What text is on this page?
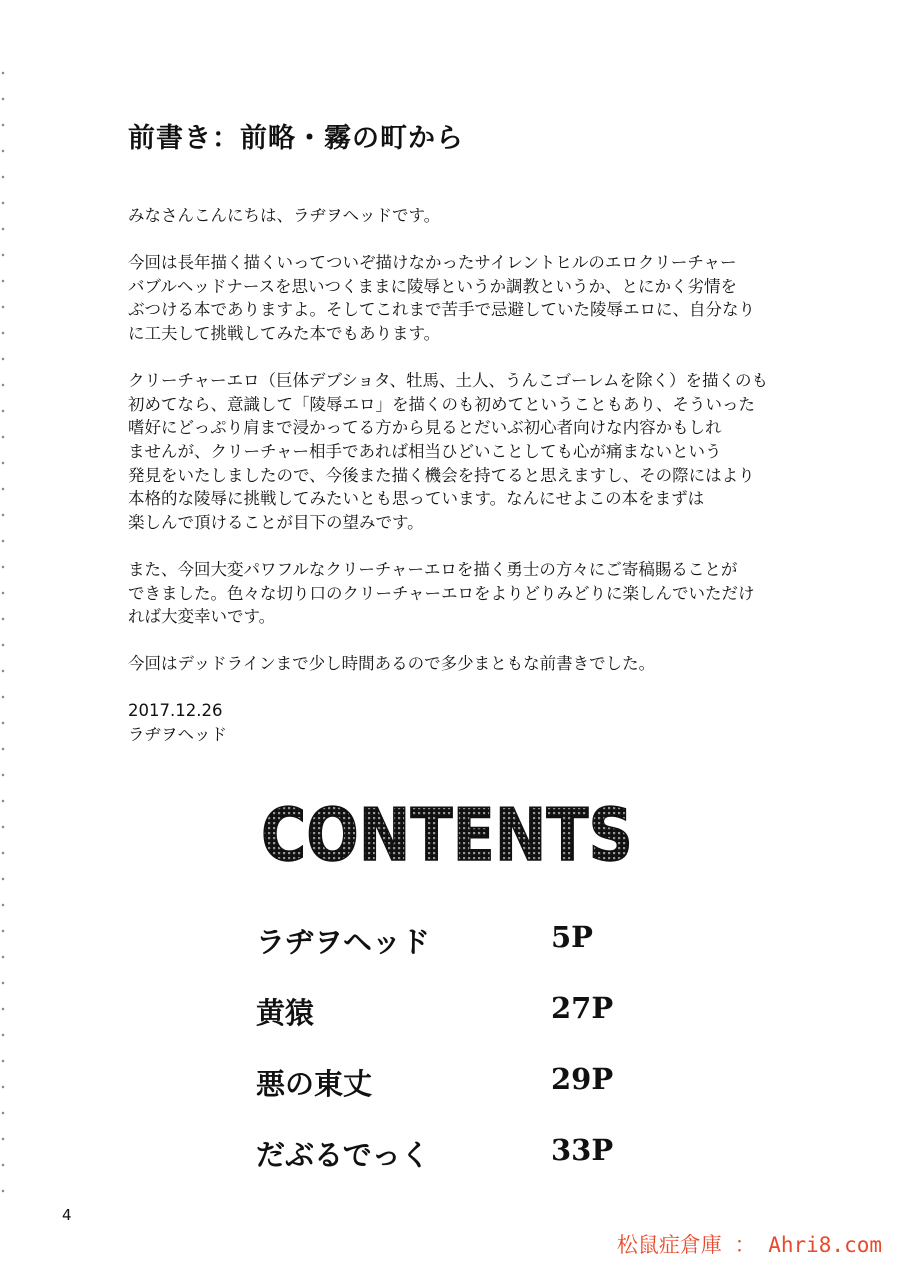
前書き：前略・霧の町から

みなさんこんにちは、ラヂヲヘッドです。

今回は長年描く描くいってついぞ描けなかったサイレントヒルのエロクリーチャー
バブルヘッドナースを思いつくままに陵辱というか調教というか、とにかく劣情を
ぶつける本でありますよ。そしてこれまで苦手で忌避していた陵辱エロに、自分なり
に工夫して挑戦してみた本でもあります。

クリーチャーエロ（巨体デブショタ、牡馬、土人、うんこゴーレムを除く）を描くのも
初めてなら、意識して「陵辱エロ」を描くのも初めてということもあり、そういった
嗜好にどっぷり肩まで浸かってる方から見るとだいぶ初心者向けな内容かもしれ
ませんが、クリーチャー相手であれば相当ひどいことしても心が痛まないという
発見をいたしましたので、今後また描く機会を持てると思えますし、その際にはより
本格的な陵辱に挑戦してみたいとも思っています。なんにせよこの本をまずは
楽しんで頂けることが目下の望みです。

また、今回大変パワフルなクリーチャーエロを描く勇士の方々にご寄稿賜ることが
できました。色々な切り口のクリーチャーエロをよりどりみどりに楽しんでいただけ
れば大変幸いです。

今回はデッドラインまで少し時間あるので多少まともな前書きでした。

2017.12.26
ラヂヲヘッド

CONTENTS
ラヂヲヘッド	5P
黄猿	27P
悪の東丈	29P
だぶるでっく	33P
4
松鼠症倉庫 ： Ahri8.com
